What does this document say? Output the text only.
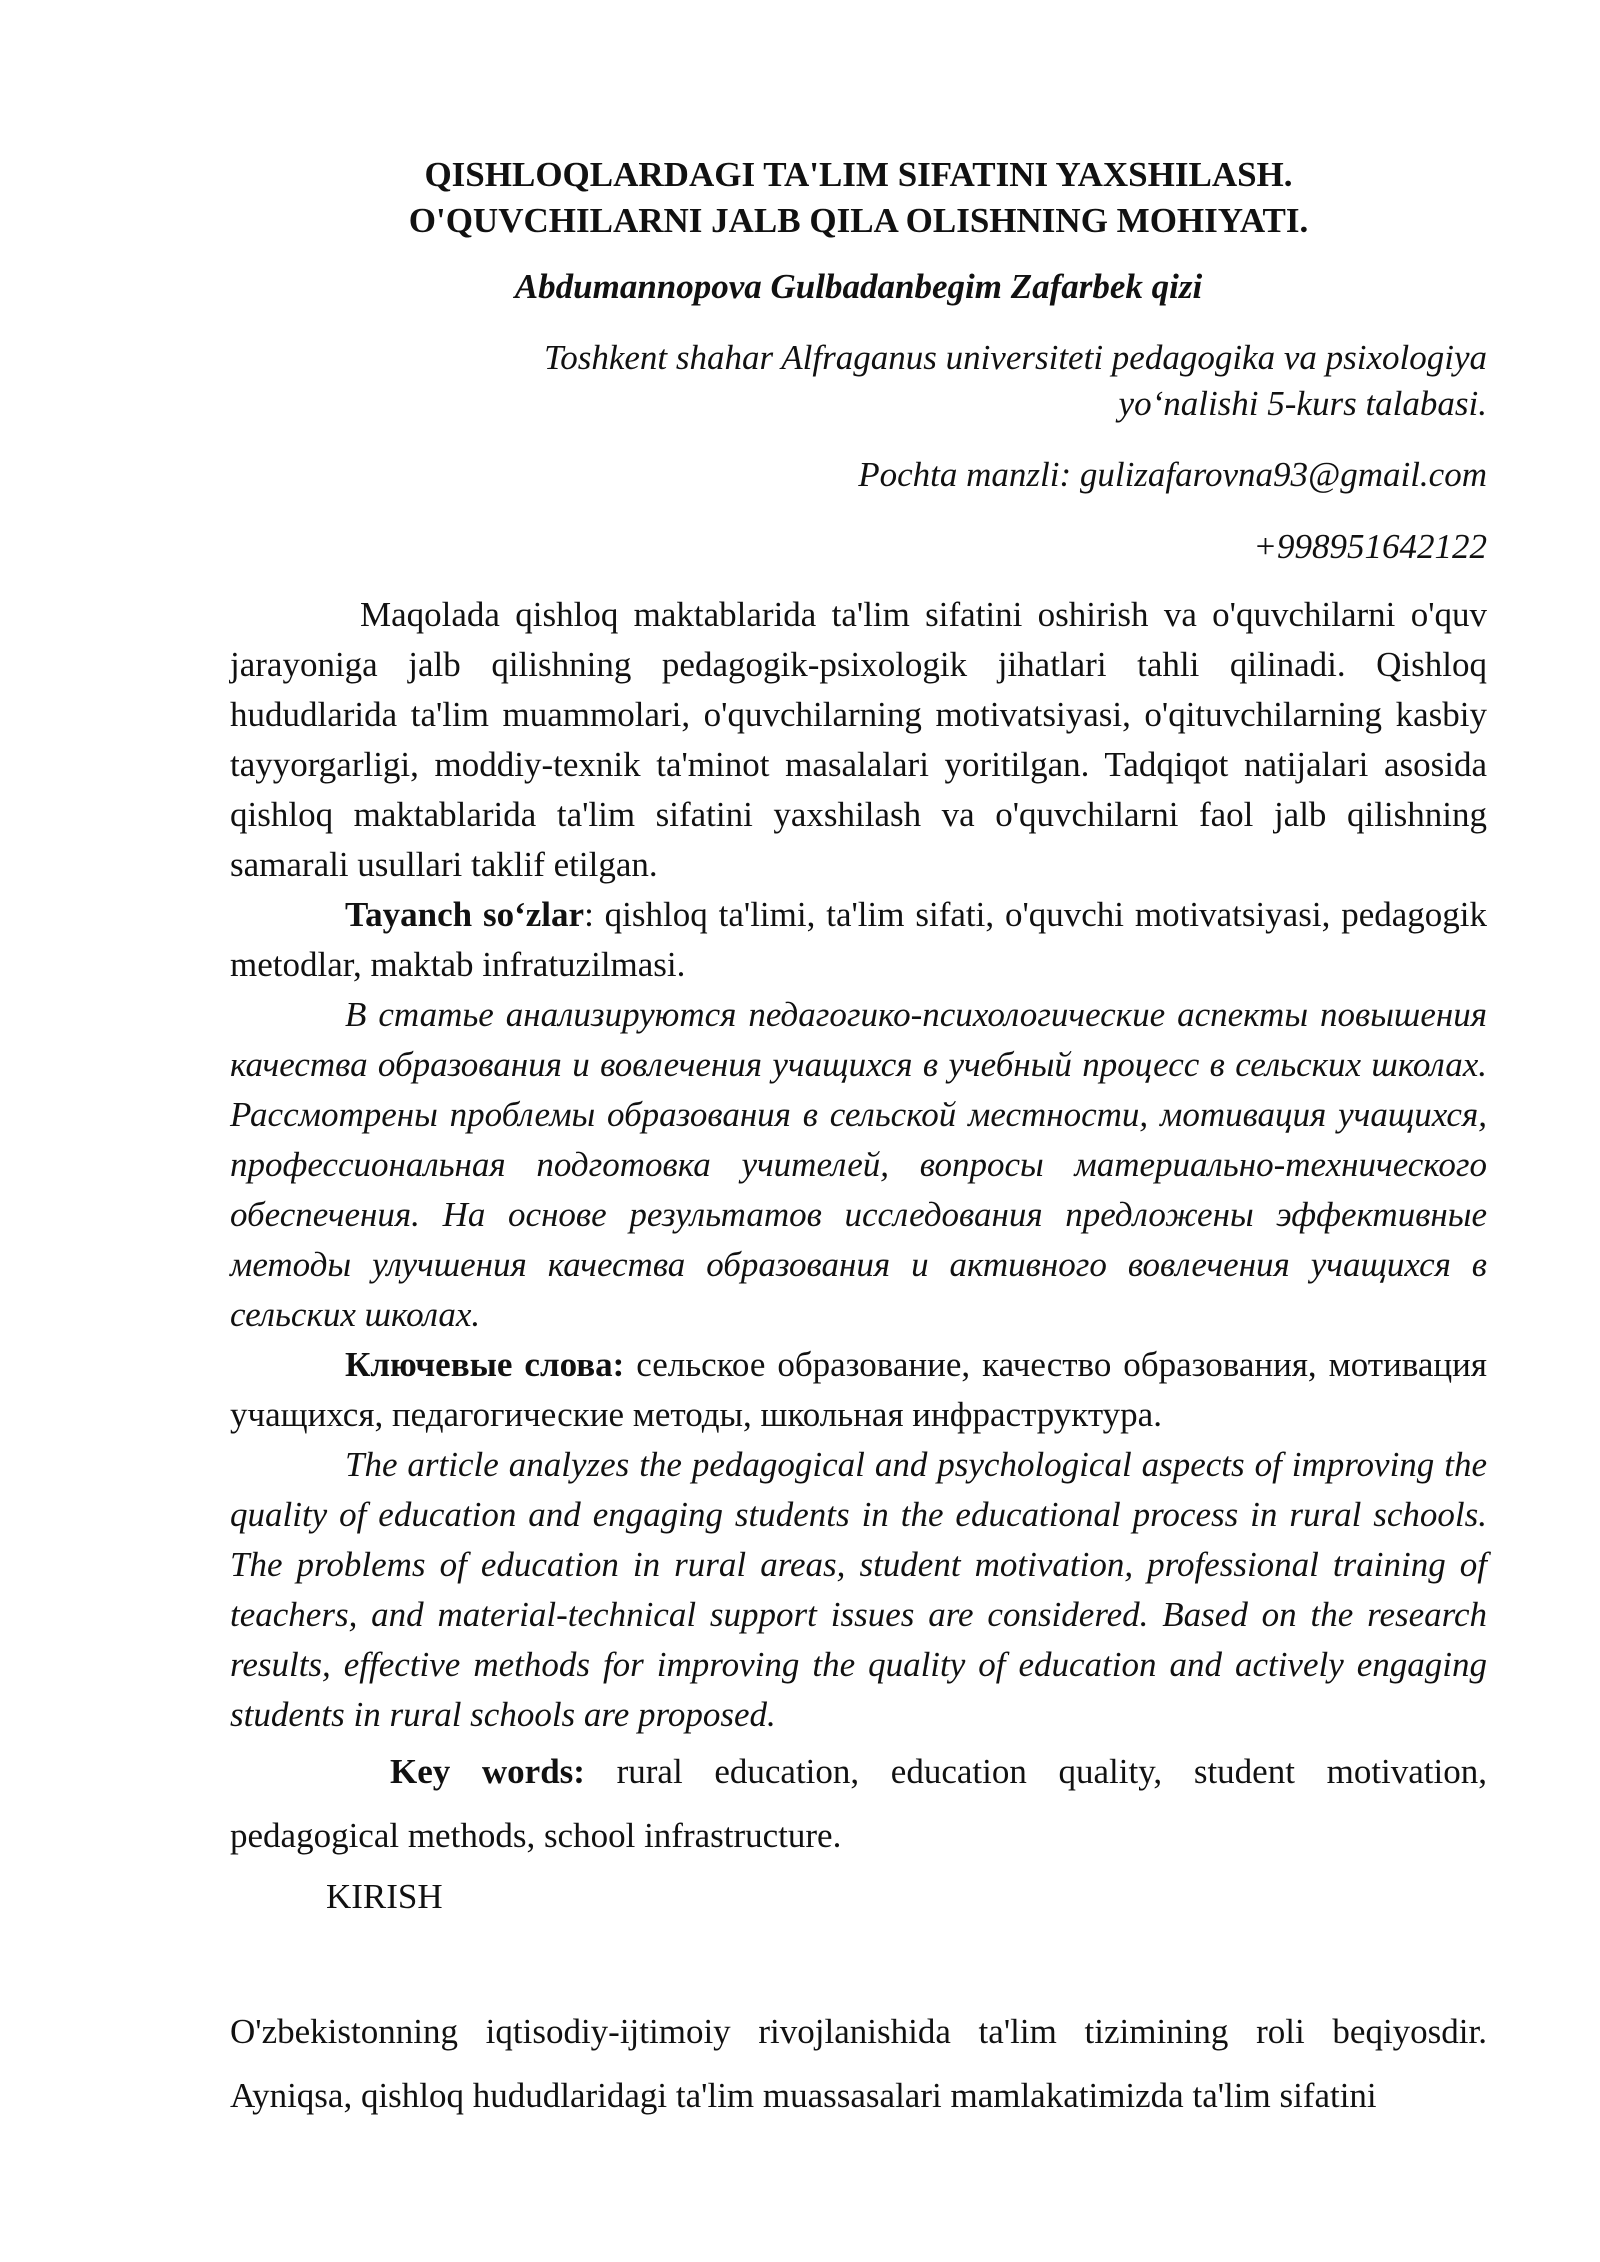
QISHLOQLARDAGI TA'LIM SIFATINI YAXSHILASH.
O'QUVCHILARNI JALB QILA OLISHNING MOHIYATI.
Abdumannopova Gulbadanbegim Zafarbek qizi
Toshkent shahar Alfraganus universiteti pedagogika va psixologiya
yo‘nalishi 5-kurs talabasi.
Pochta manzli: gulizafarovna93@gmail.com
+998951642122

Maqolada qishloq maktablarida ta'lim sifatini oshirish va o'quvchilarni o'quv jarayoniga jalb qilishning pedagogik-psixologik jihatlari tahli qilinadi. Qishloq hududlarida ta'lim muammolari, o'quvchilarning motivatsiyasi, o'qituvchilarning kasbiy tayyorgarligi, moddiy-texnik ta'minot masalalari yoritilgan. Tadqiqot natijalari asosida qishloq maktablarida ta'lim sifatini yaxshilash va o'quvchilarni faol jalb qilishning samarali usullari taklif etilgan.

Tayanch so‘zlar: qishloq ta'limi, ta'lim sifati, o'quvchi motivatsiyasi, pedagogik metodlar, maktab infratuzilmasi.

В статье анализируются педагогико-психологические аспекты повышения качества образования и вовлечения учащихся в учебный процесс в сельских школах. Рассмотрены проблемы образования в сельской местности, мотивация учащихся, профессиональная подготовка учителей, вопросы материально-технического обеспечения. На основе результатов исследования предложены эффективные методы улучшения качества образования и активного вовлечения учащихся в сельских школах.

Ключевые слова: сельское образование, качество образования, мотивация учащихся, педагогические методы, школьная инфраструктура.

The article analyzes the pedagogical and psychological aspects of improving the quality of education and engaging students in the educational process in rural schools. The problems of education in rural areas, student motivation, professional training of teachers, and material-technical support issues are considered. Based on the research results, effective methods for improving the quality of education and actively engaging students in rural schools are proposed.

Key words: rural education, education quality, student motivation, pedagogical methods, school infrastructure.

KIRISH

O'zbekistonning iqtisodiy-ijtimoiy rivojlanishida ta'lim tizimining roli beqiyosdir. Ayniqsa, qishloq hududlaridagi ta'lim muassasalari mamlakatimizda ta'lim sifatini
